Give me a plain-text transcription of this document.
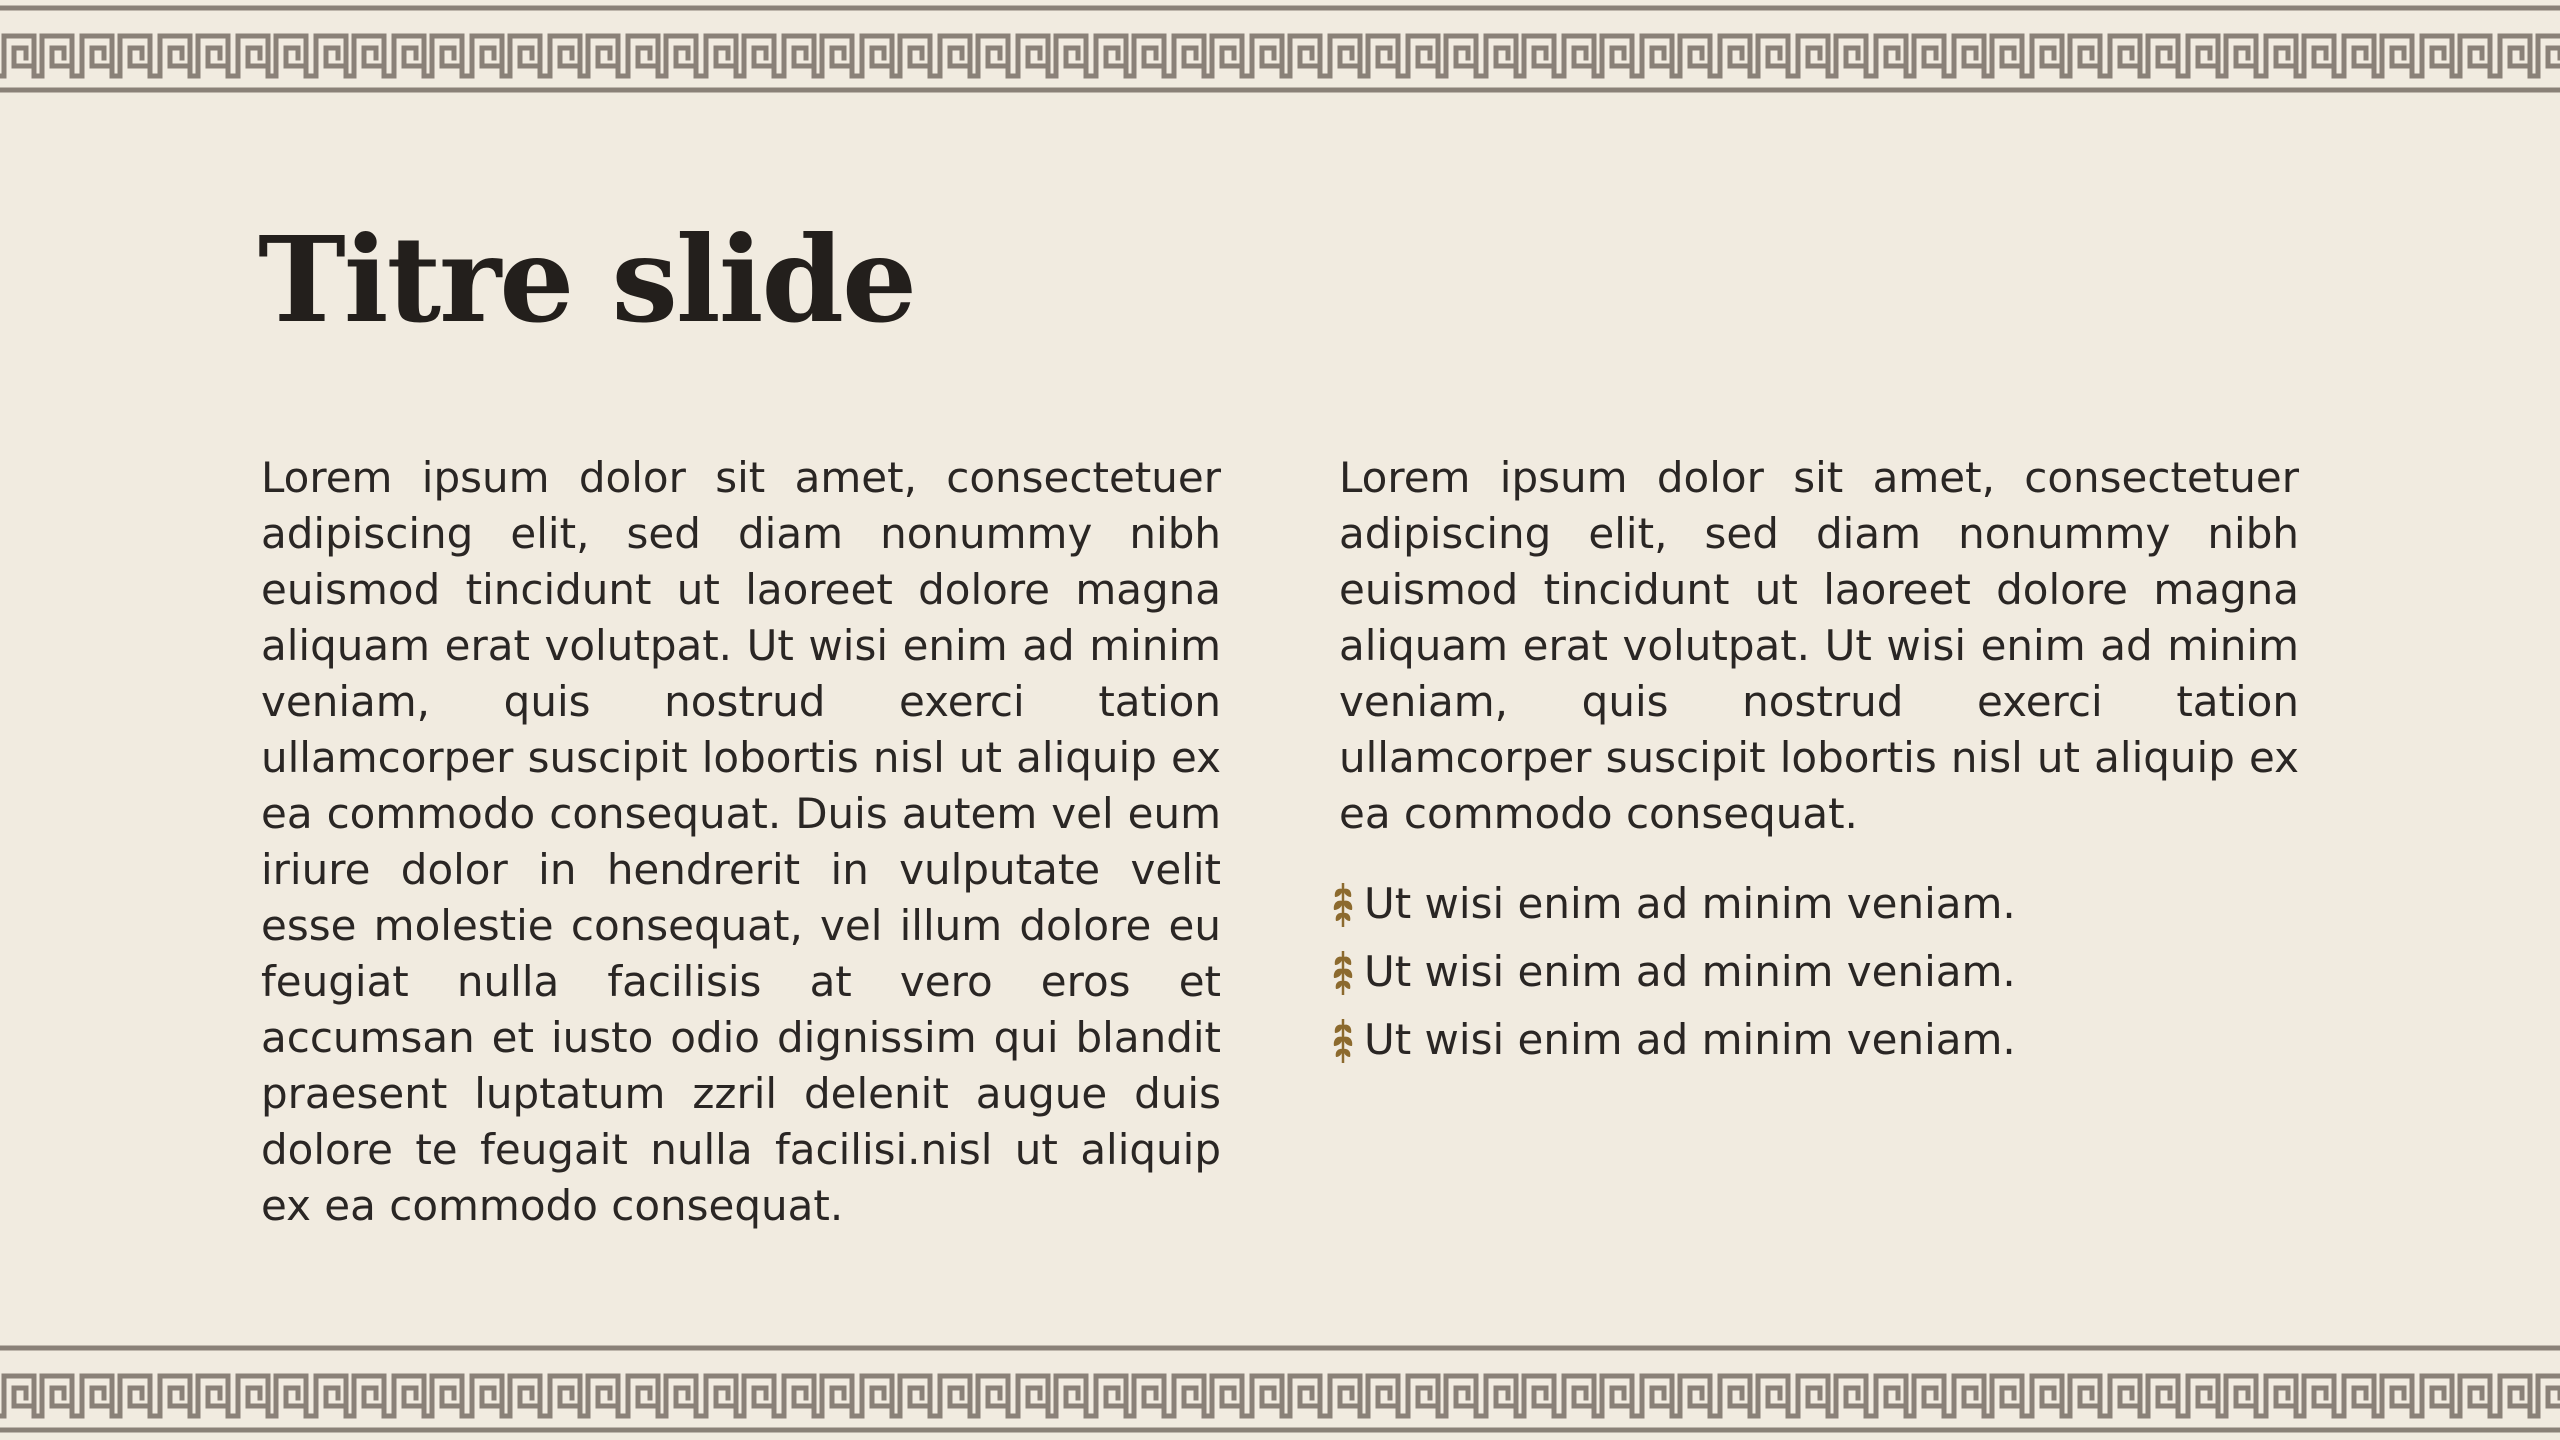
Titre slide

Lorem ipsum dolor sit amet, consectetuer adipiscing elit, sed diam nonummy nibh euismod tincidunt ut laoreet dolore magna aliquam erat volutpat. Ut wisi enim ad minim veniam, quis nostrud exerci tation ullamcorper suscipit lobortis nisl ut aliquip ex ea commodo consequat. Duis autem vel eum iriure dolor in hendrerit in vulputate velit esse molestie consequat, vel illum dolore eu feugiat nulla facilisis at vero eros et accumsan et iusto odio dignissim qui blandit praesent luptatum zzril delenit augue duis dolore te feugait nulla facilisi.nisl ut aliquip ex ea commodo consequat.

Lorem ipsum dolor sit amet, consectetuer adipiscing elit, sed diam nonummy nibh euismod tincidunt ut laoreet dolore magna aliquam erat volutpat. Ut wisi enim ad minim veniam, quis nostrud exerci tation ullamcorper suscipit lobortis nisl ut aliquip ex ea commodo consequat.

Ut wisi enim ad minim veniam.
Ut wisi enim ad minim veniam.
Ut wisi enim ad minim veniam.
